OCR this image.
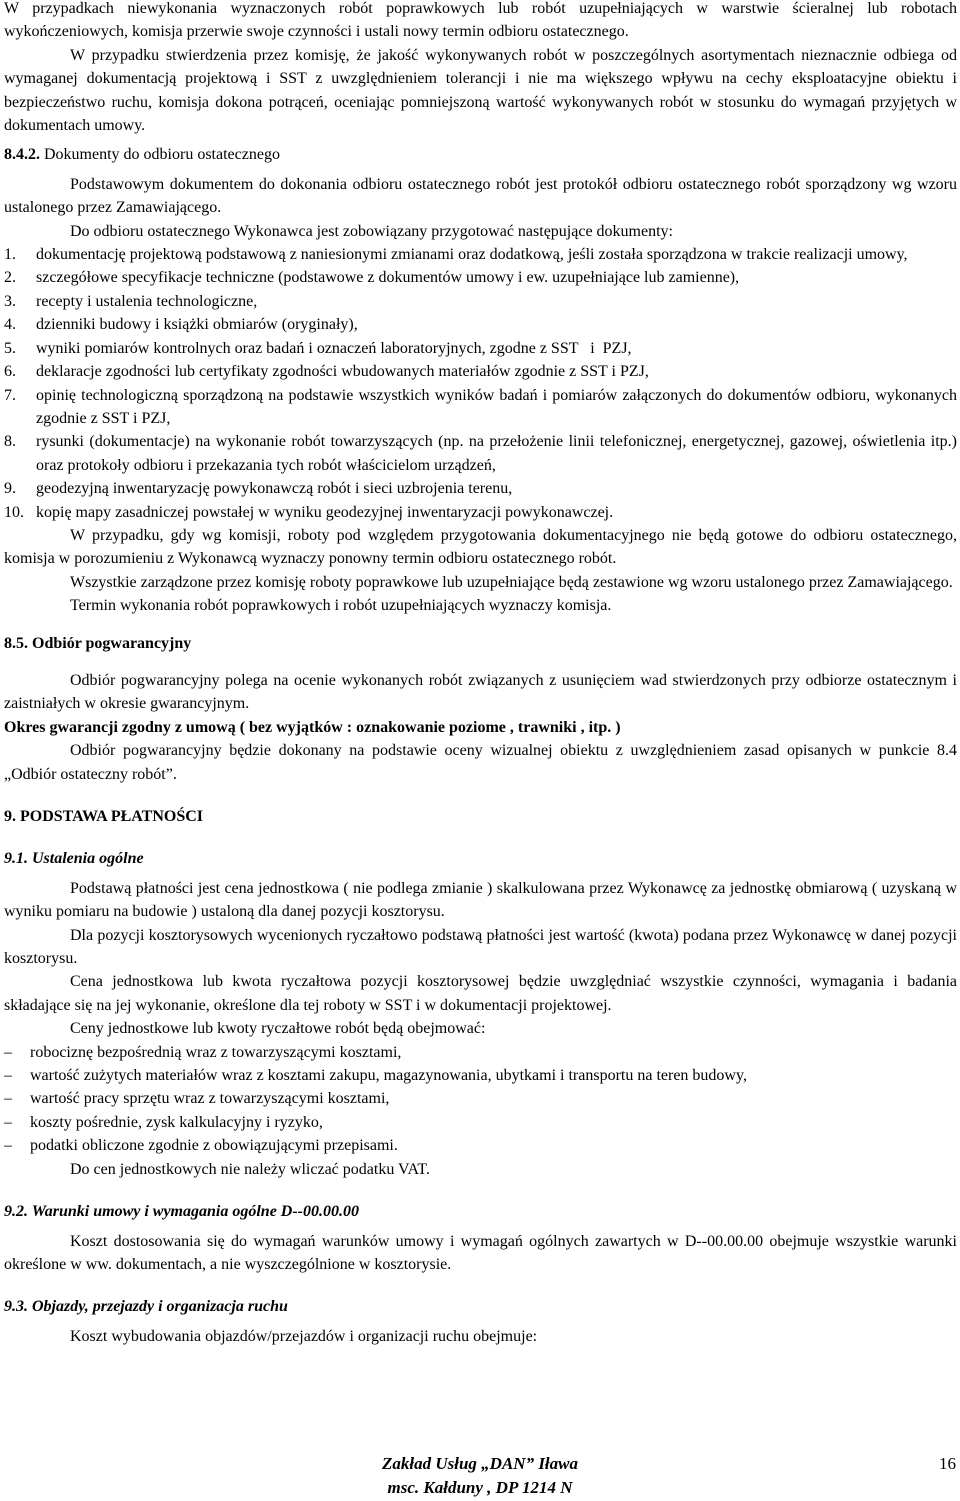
W przypadkach niewykonania wyznaczonych robót poprawkowych lub robót uzupełniających w warstwie ścieralnej lub robotach wykończeniowych, komisja przerwie swoje czynności i ustali nowy termin odbioru ostatecznego.

W przypadku stwierdzenia przez komisję, że jakość wykonywanych robót w poszczególnych asortymentach nieznacznie odbiega od wymaganej dokumentacją projektową i SST z uwzględnieniem tolerancji i nie ma większego wpływu na cechy eksploatacyjne obiektu i bezpieczeństwo ruchu, komisja dokona potrąceń, oceniając pomniejszoną wartość wykonywanych robót w stosunku do wymagań przyjętych w dokumentach umowy.

8.4.2. Dokumenty do odbioru ostatecznego

Podstawowym dokumentem do dokonania odbioru ostatecznego robót jest protokół odbioru ostatecznego robót sporządzony wg wzoru ustalonego przez Zamawiającego.

Do odbioru ostatecznego Wykonawca jest zobowiązany przygotować następujące dokumenty:

1. dokumentację projektową podstawową z naniesionymi zmianami oraz dodatkową, jeśli została sporządzona w trakcie realizacji umowy,

2. szczegółowe specyfikacje techniczne (podstawowe z dokumentów umowy i ew. uzupełniające lub zamienne),

3. recepty i ustalenia technologiczne,

4. dzienniki budowy i książki obmiarów (oryginały),

5. wyniki pomiarów kontrolnych oraz badań i oznaczeń laboratoryjnych, zgodne z SST   i  PZJ,

6. deklaracje zgodności lub certyfikaty zgodności wbudowanych materiałów zgodnie z SST i PZJ,

7. opinię technologiczną sporządzoną na podstawie wszystkich wyników badań i pomiarów załączonych do dokumentów odbioru, wykonanych zgodnie z SST i PZJ,

8. rysunki (dokumentacje) na wykonanie robót towarzyszących (np. na przełożenie linii telefonicznej, energetycznej, gazowej, oświetlenia itp.) oraz protokoły odbioru i przekazania tych robót właścicielom urządzeń,

9. geodezyjną inwentaryzację powykonawczą robót i sieci uzbrojenia terenu,

10. kopię mapy zasadniczej powstałej w wyniku geodezyjnej inwentaryzacji powykonawczej.

W przypadku, gdy wg komisji, roboty pod względem przygotowania dokumentacyjnego nie będą gotowe do odbioru ostatecznego, komisja w porozumieniu z Wykonawcą wyznaczy ponowny termin odbioru ostatecznego robót.

Wszystkie zarządzone przez komisję roboty poprawkowe lub uzupełniające będą zestawione wg wzoru ustalonego przez Zamawiającego.

Termin wykonania robót poprawkowych i robót uzupełniających wyznaczy komisja.

8.5. Odbiór pogwarancyjny

Odbiór pogwarancyjny polega na ocenie wykonanych robót związanych z usunięciem wad stwierdzonych przy odbiorze ostatecznym i zaistniałych w okresie gwarancyjnym.

Okres gwarancji zgodny z umową ( bez wyjątków : oznakowanie poziome , trawniki , itp. )

Odbiór pogwarancyjny będzie dokonany na podstawie oceny wizualnej obiektu z uwzględnieniem zasad opisanych w punkcie 8.4 „Odbiór ostateczny robót”.

9. PODSTAWA PŁATNOŚCI

9.1. Ustalenia ogólne

Podstawą płatności jest cena jednostkowa ( nie podlega zmianie ) skalkulowana przez Wykonawcę za jednostkę obmiarową ( uzyskaną w wyniku pomiaru na budowie ) ustaloną dla danej pozycji kosztorysu.

Dla pozycji kosztorysowych wycenionych ryczałtowo podstawą płatności jest wartość (kwota) podana przez Wykonawcę w danej pozycji kosztorysu.

Cena jednostkowa lub kwota ryczałtowa pozycji kosztorysowej będzie uwzględniać wszystkie czynności, wymagania i badania składające się na jej wykonanie, określone dla tej roboty w SST i w dokumentacji projektowej.

Ceny jednostkowe lub kwoty ryczałtowe robót będą obejmować:

– robociznę bezpośrednią wraz z towarzyszącymi kosztami,

– wartość zużytych materiałów wraz z kosztami zakupu, magazynowania, ubytkami i transportu na teren budowy,

– wartość pracy sprzętu wraz z towarzyszącymi kosztami,

– koszty pośrednie, zysk kalkulacyjny i ryzyko,

– podatki obliczone zgodnie z obowiązującymi przepisami.

Do cen jednostkowych nie należy wliczać podatku VAT.

9.2. Warunki umowy i wymagania ogólne D--00.00.00

Koszt dostosowania się do wymagań warunków umowy i wymagań ogólnych zawartych w D--00.00.00 obejmuje wszystkie warunki określone w ww. dokumentach, a nie wyszczególnione w kosztorysie.

9.3. Objazdy, przejazdy i organizacja ruchu

Koszt wybudowania objazdów/przejazdów i organizacji ruchu obejmuje:

Zakład Usług „DAN” Iława
msc. Kałduny , DP 1214 N
16
